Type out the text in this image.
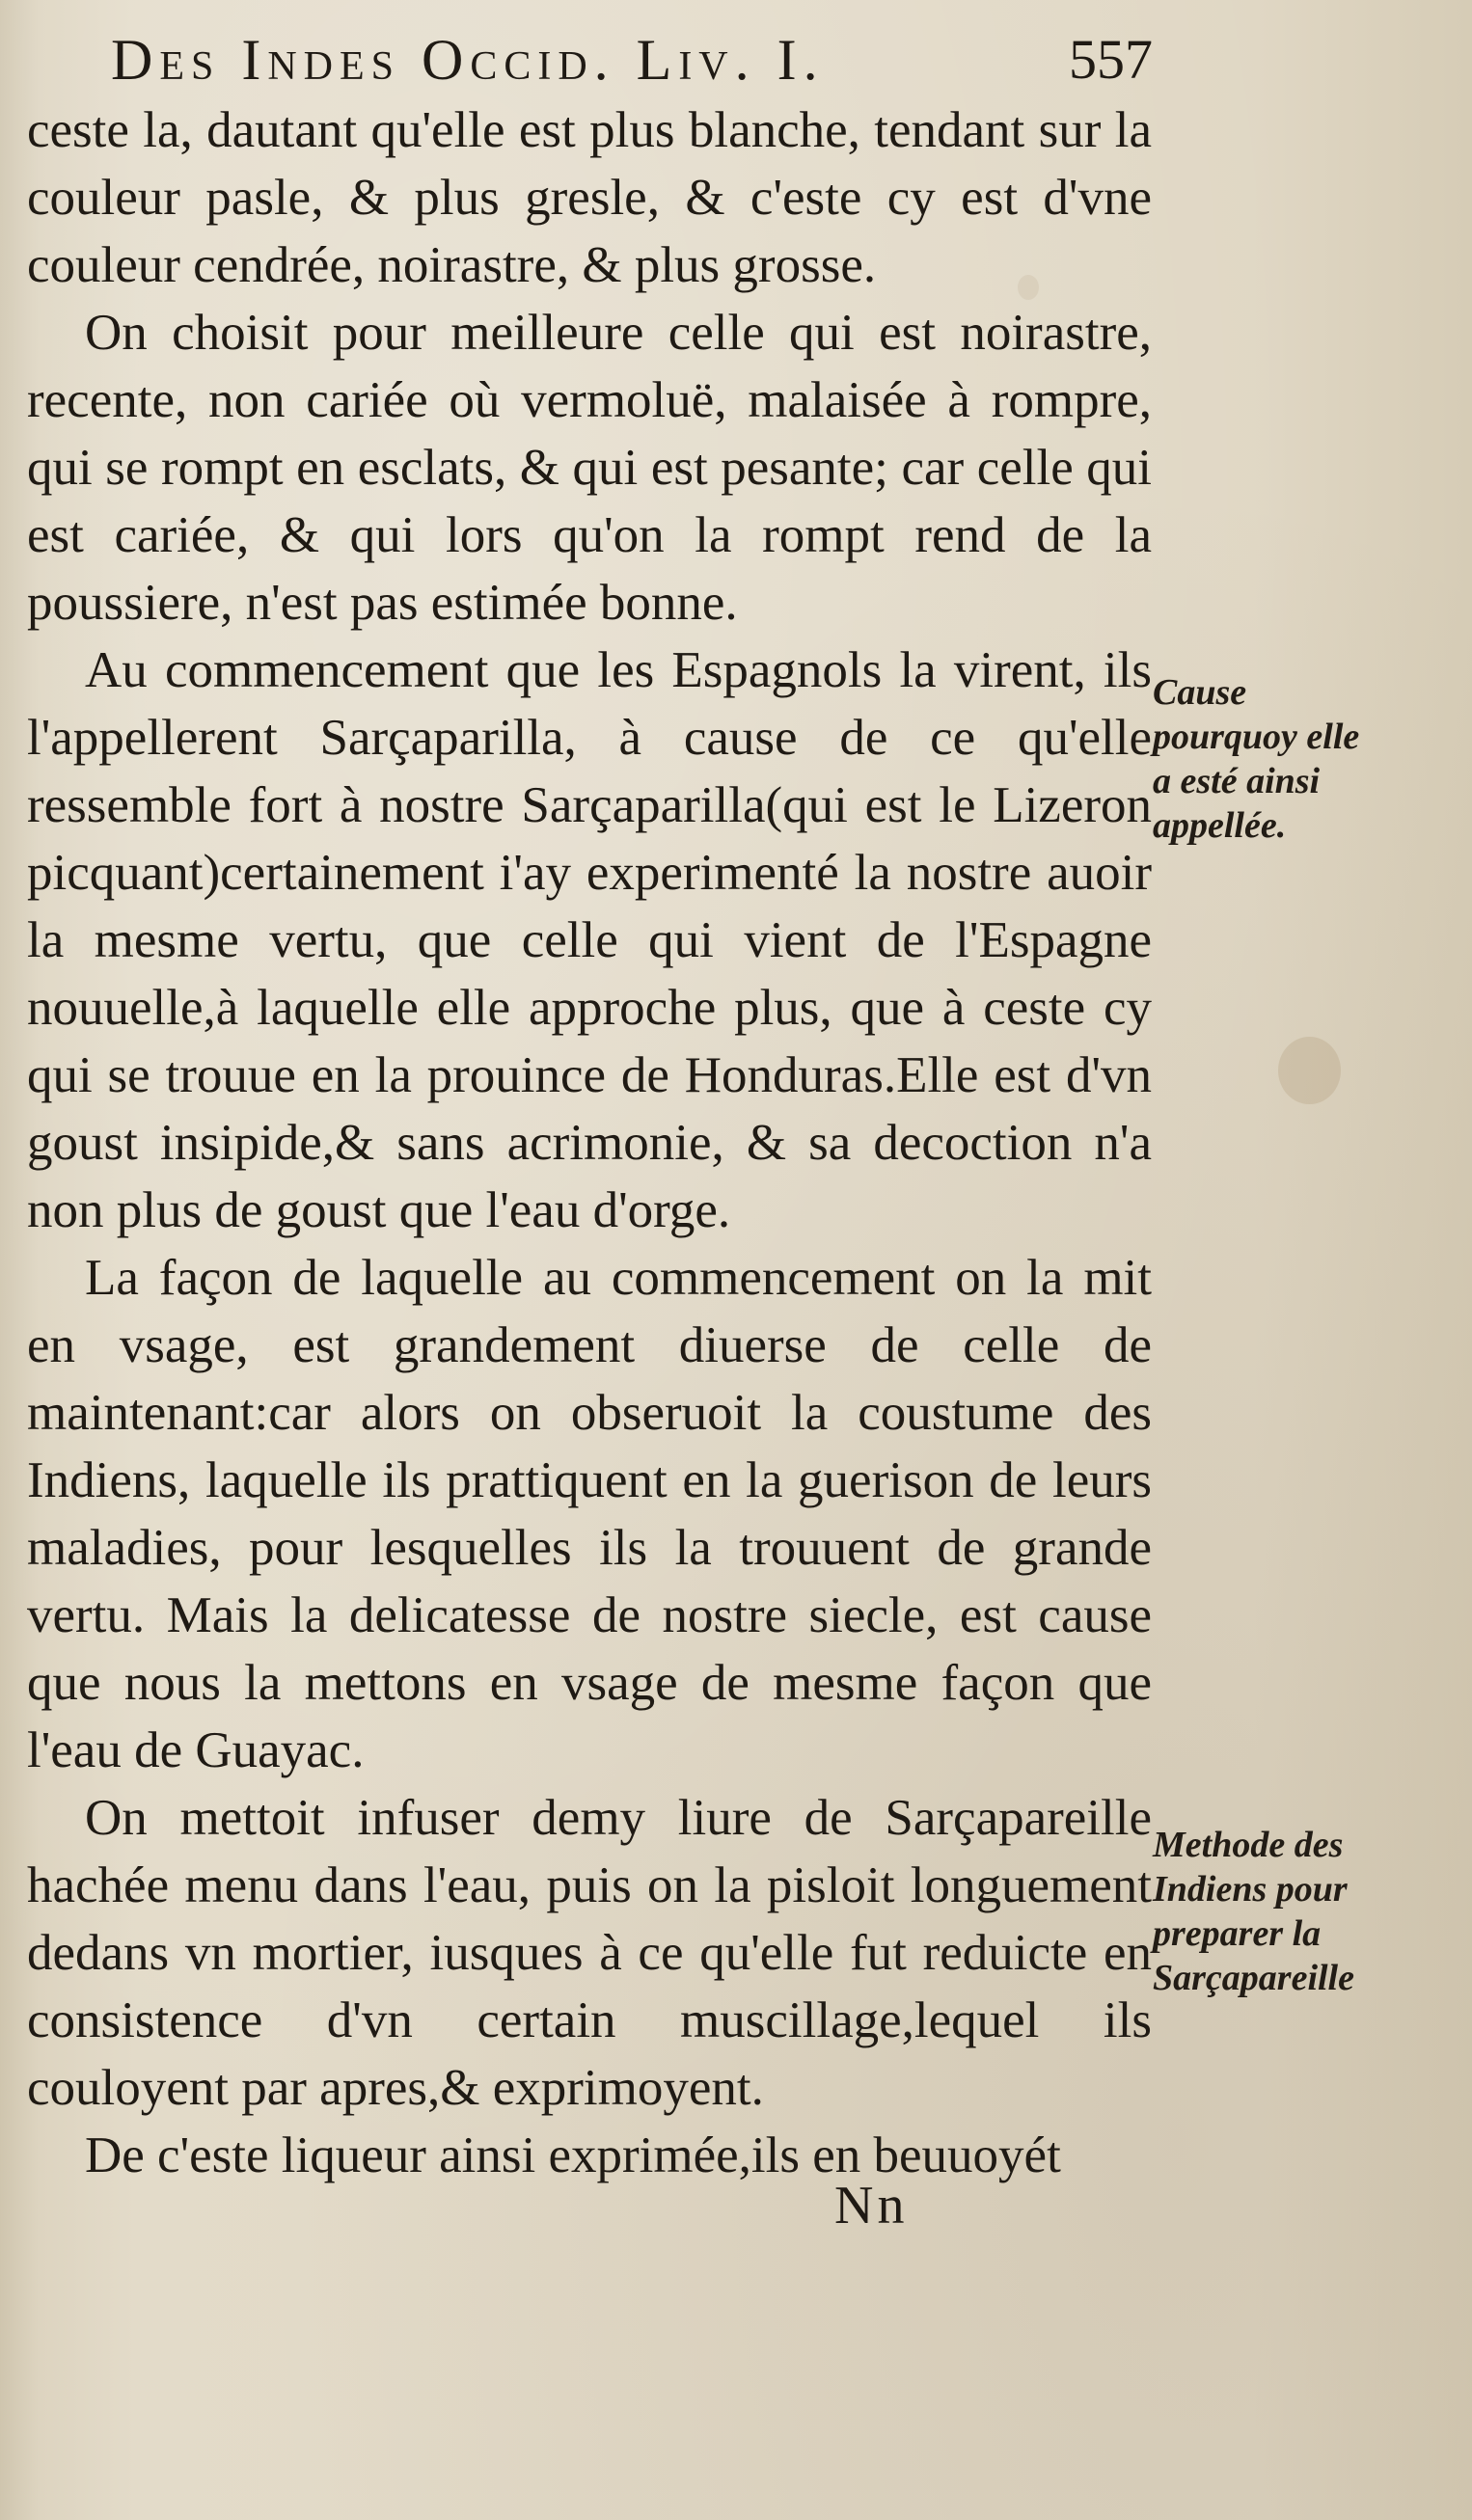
Des Indes Occid. Liv. I.	557

ceste la, dautant qu'elle est plus blanche, tendant sur la couleur pasle, & plus gresle, & c'este cy est d'vne couleur cendrée, noirastre, & plus grosse.

On choisit pour meilleure celle qui est noirastre, recente, non cariée où vermoluë, malaisée à rompre, qui se rompt en esclats, & qui est pesante; car celle qui est cariée, & qui lors qu'on la rompt rend de la poussiere, n'est pas estimée bonne.

Au commencement que les Espagnols la virent, ils l'appellerent Sarçaparilla, à cause de ce qu'elle ressemble fort à nostre Sarçaparilla(qui est le Lizeron picquant)certainement i'ay experimenté la nostre auoir la mesme vertu, que celle qui vient de l'Espagne nouuelle,à laquelle elle approche plus, que à ceste cy qui se trouue en la prouince de Honduras.Elle est d'vn goust insipide,& sans acrimonie, & sa decoction n'a non plus de goust que l'eau d'orge.

La façon de laquelle au commencement on la mit en vsage, est grandement diuerse de celle de maintenant:car alors on obseruoit la coustume des Indiens, laquelle ils prattiquent en la guerison de leurs maladies, pour lesquelles ils la trouuent de grande vertu. Mais la delicatesse de nostre siecle, est cause que nous la mettons en vsage de mesme façon que l'eau de Guayac.

On mettoit infuser demy liure de Sarçapareille hachée menu dans l'eau, puis on la pisloit longuement dedans vn mortier, iusques à ce qu'elle fut reduicte en consistence d'vn certain muscillage,lequel ils couloyent par apres,& exprimoyent.

De c'este liqueur ainsi exprimée,ils en beuuoyét

Cause pourquoy elle a esté ainsi appellée.
Methode des Indiens pour preparer la Sarçapareille
Nn
